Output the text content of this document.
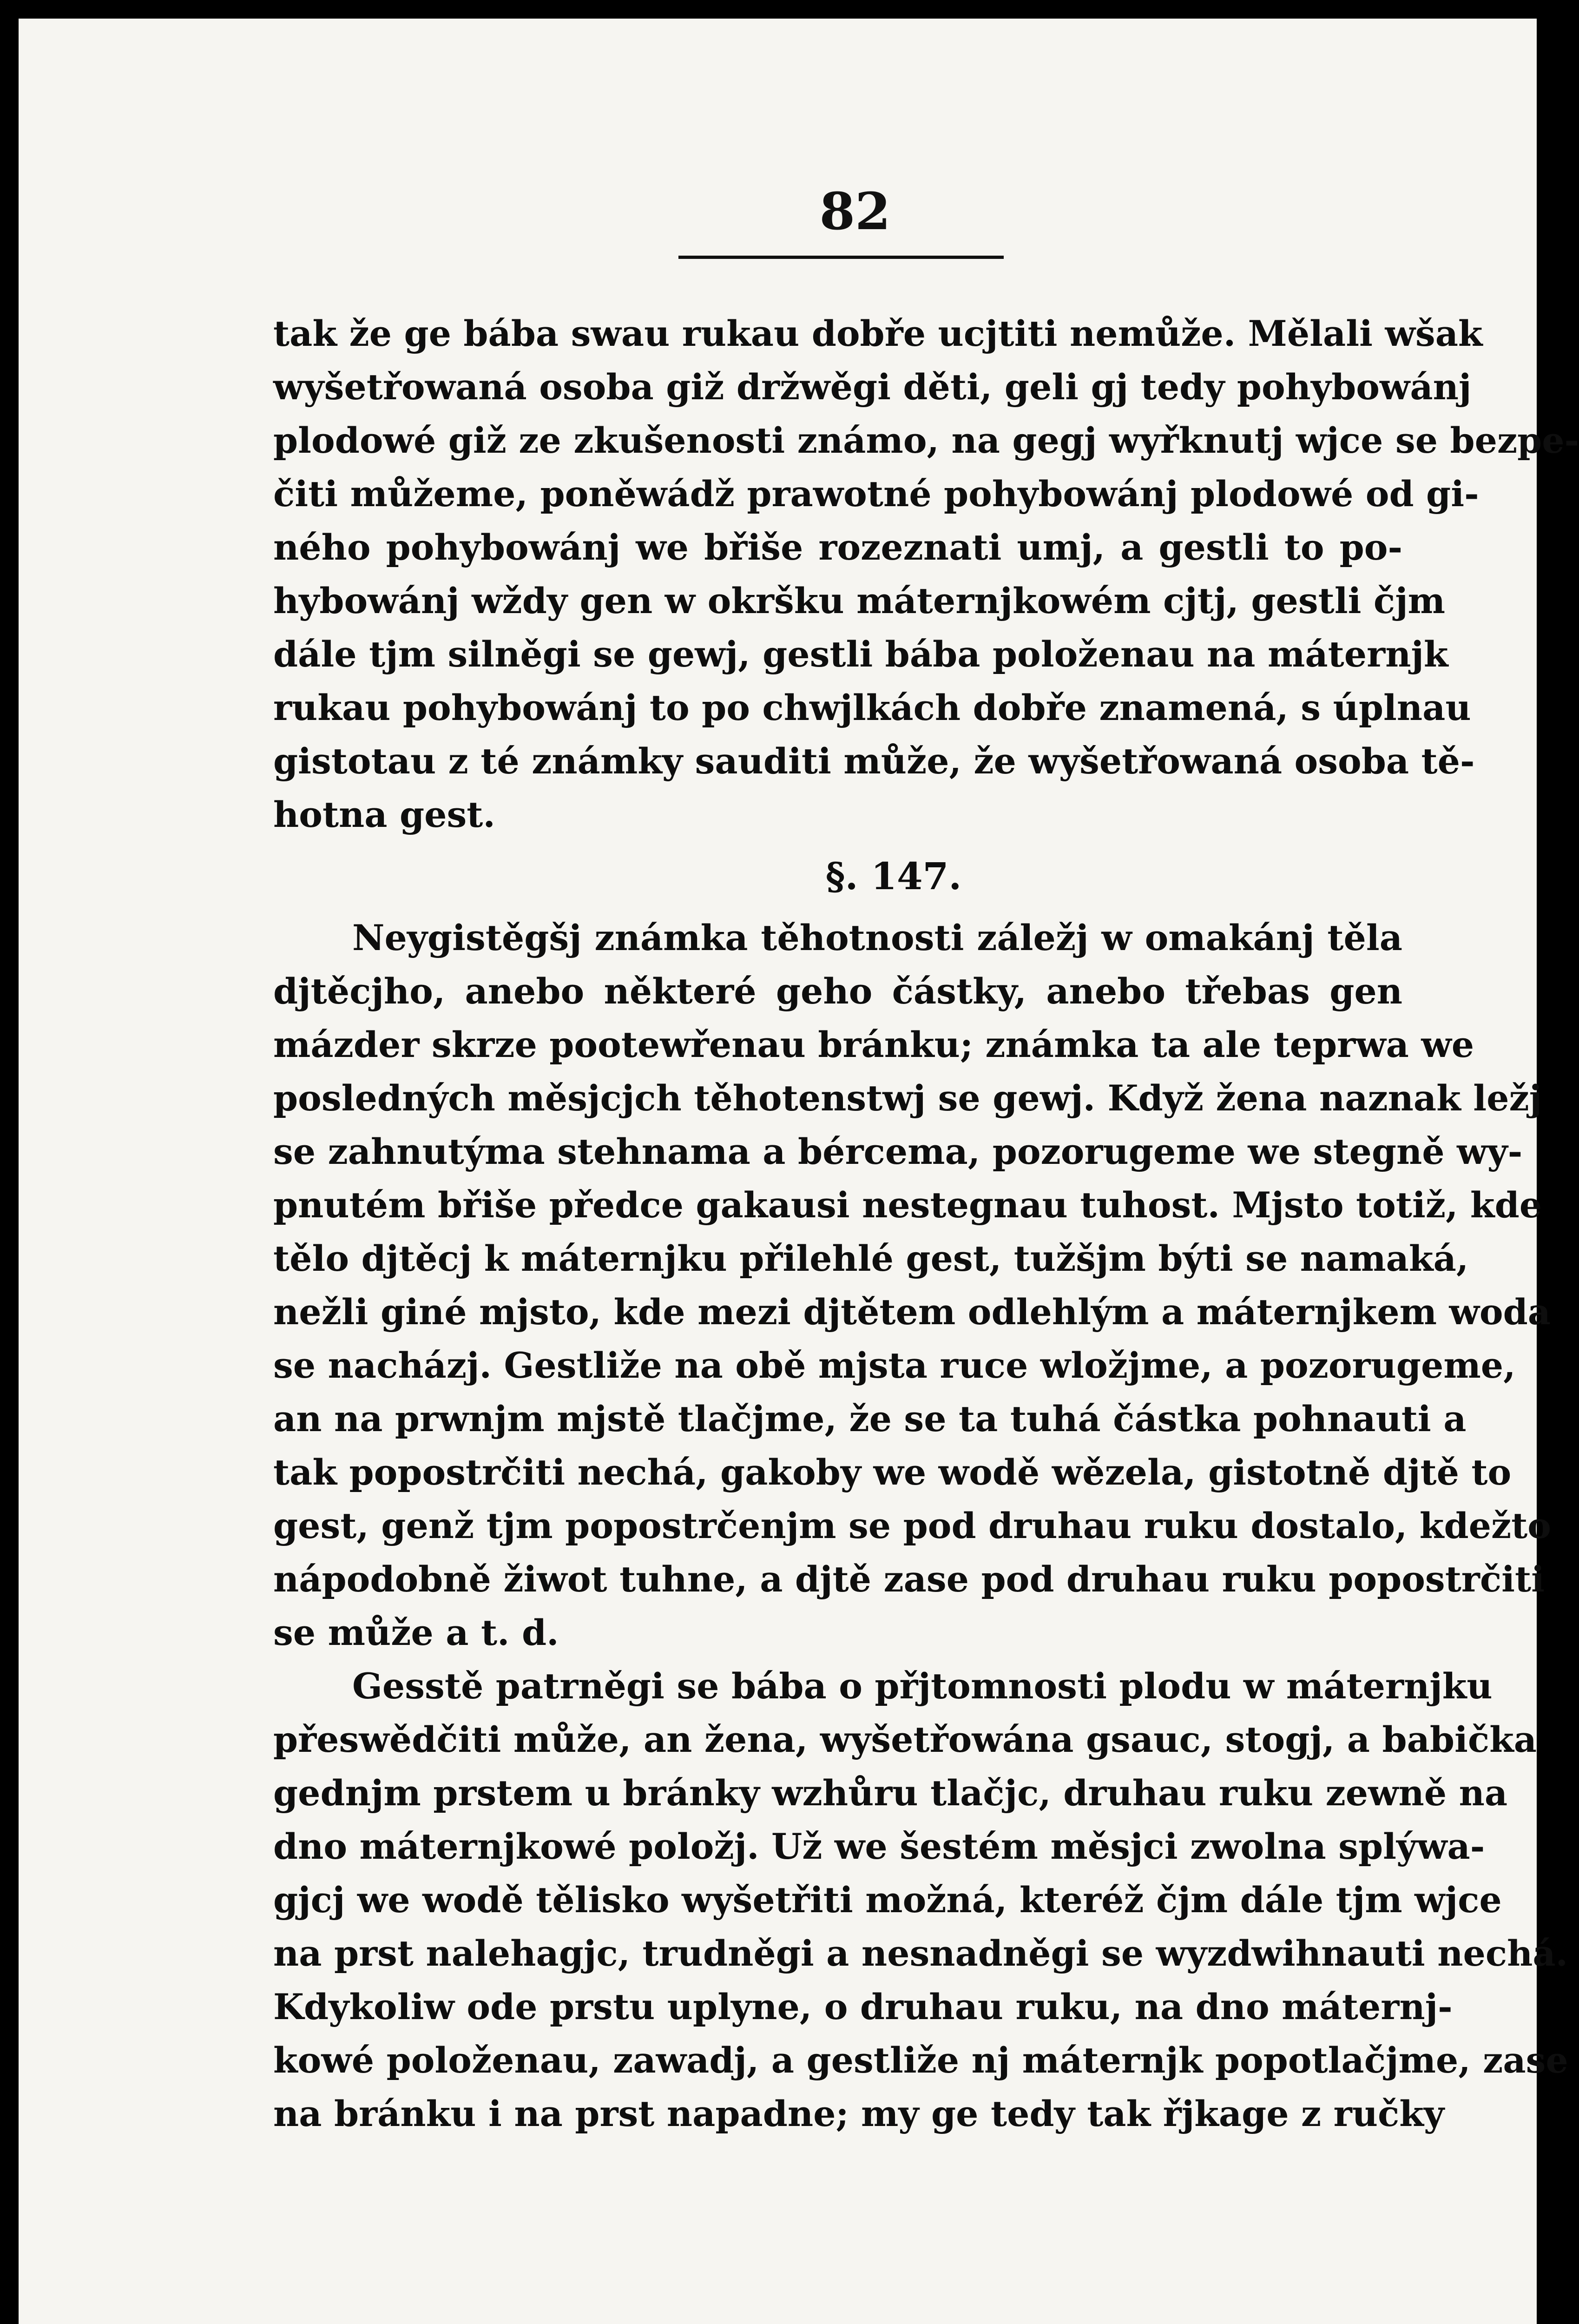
82
tak že ge bába swau rukau dobře ucjtiti nemůže. Mělali wšak
wyšetřowaná osoba giž držwěgi děti, geli gj tedy pohybowánj
plodowé giž ze zkušenosti známo, na gegj wyřknutj wjce se bezpe-
čiti můžeme, poněwádž prawotné pohybowánj plodowé od gi-
ného pohybowánj we břiše rozeznati umj, a gestli to po-
hybowánj wždy gen w okršku máternjkowém cjtj, gestli čjm
dále tjm silněgi se gewj, gestli bába položenau na máternjk
rukau pohybowánj to po chwjlkách dobře znamená, s úplnau
gistotau z té známky sauditi může, že wyšetřowaná osoba tě-
hotna gest.
§. 147.
Neygistěgšj známka těhotnosti záležj w omakánj těla
djtěcjho, anebo některé geho částky, anebo třebas gen
mázder skrze pootewřenau bránku; známka ta ale teprwa we
posledných měsjcjch těhotenstwj se gewj. Když žena naznak ležj
se zahnutýma stehnama a bércema, pozorugeme we stegně wy-
pnutém břiše předce gakausi nestegnau tuhost. Mjsto totiž, kde
tělo djtěcj k máternjku přilehlé gest, tužšjm býti se namaká,
nežli giné mjsto, kde mezi djtětem odlehlým a máternjkem woda
se nacházj. Gestliže na obě mjsta ruce wložjme, a pozorugeme,
an na prwnjm mjstě tlačjme, že se ta tuhá částka pohnauti a
tak popostrčiti nechá, gakoby we wodě wězela, gistotně djtě to
gest, genž tjm popostrčenjm se pod druhau ruku dostalo, kdežto
nápodobně žiwot tuhne, a djtě zase pod druhau ruku popostrčiti
se může a t. d.
Gesstě patrněgi se bába o přjtomnosti plodu w máternjku
přeswědčiti může, an žena, wyšetřowána gsauc, stogj, a babička
gednjm prstem u bránky wzhůru tlačjc, druhau ruku zewně na
dno máternjkowé položj. Už we šestém měsjci zwolna splýwa-
gjcj we wodě tělisko wyšetřiti možná, kteréž čjm dále tjm wjce
na prst nalehagjc, trudněgi a nesnadněgi se wyzdwihnauti nechá.
Kdykoliw ode prstu uplyne, o druhau ruku, na dno máternj-
kowé položenau, zawadj, a gestliže nj máternjk popotlačjme, zase
na bránku i na prst napadne; my ge tedy tak řjkage z ručky
